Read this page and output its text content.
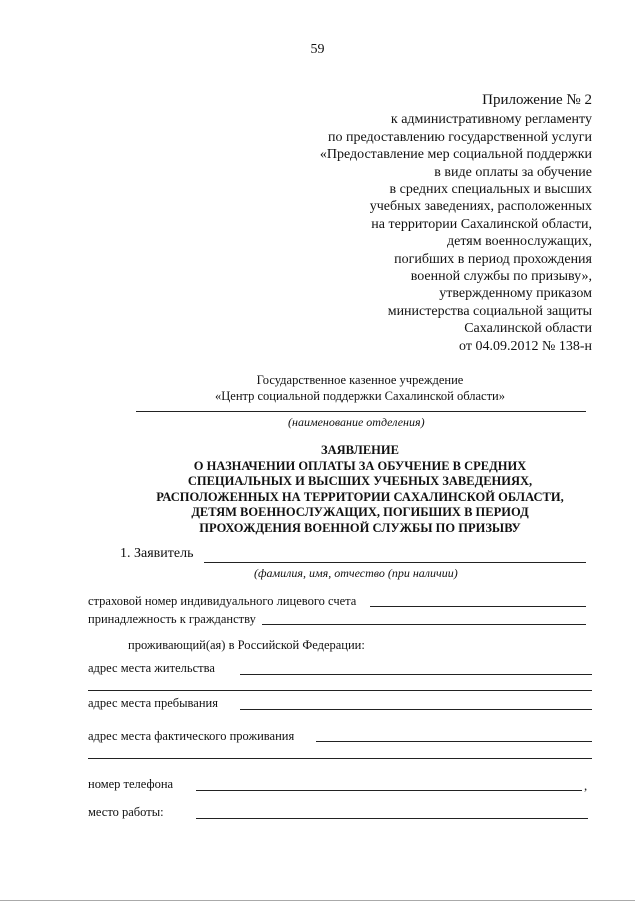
59
Приложение № 2
к административному регламенту
по предоставлению государственной услуги
«Предоставление мер социальной поддержки
в виде оплаты за обучение
в средних специальных и высших
учебных заведениях, расположенных
на территории Сахалинской области,
детям военнослужащих,
погибших в период прохождения
военной службы по призыву»,
утвержденному приказом
министерства социальной защиты
Сахалинской области
от 04.09.2012 № 138-н
Государственное казенное учреждение
«Центр социальной поддержки Сахалинской области»
(наименование отделения)
ЗАЯВЛЕНИЕ
О НАЗНАЧЕНИИ ОПЛАТЫ ЗА ОБУЧЕНИЕ В СРЕДНИХ
СПЕЦИАЛЬНЫХ И ВЫСШИХ УЧЕБНЫХ ЗАВЕДЕНИЯХ,
РАСПОЛОЖЕННЫХ НА ТЕРРИТОРИИ САХАЛИНСКОЙ ОБЛАСТИ,
ДЕТЯМ ВОЕННОСЛУЖАЩИХ, ПОГИБШИХ В ПЕРИОД
ПРОХОЖДЕНИЯ ВОЕННОЙ СЛУЖБЫ ПО ПРИЗЫВУ
1. Заявитель
(фамилия, имя, отчество (при наличии)
страховой номер индивидуального лицевого счета
принадлежность к гражданству
проживающий(ая) в Российской Федерации:
адрес места жительства
адрес места пребывания
адрес места фактического проживания
номер телефона	,
место работы:
